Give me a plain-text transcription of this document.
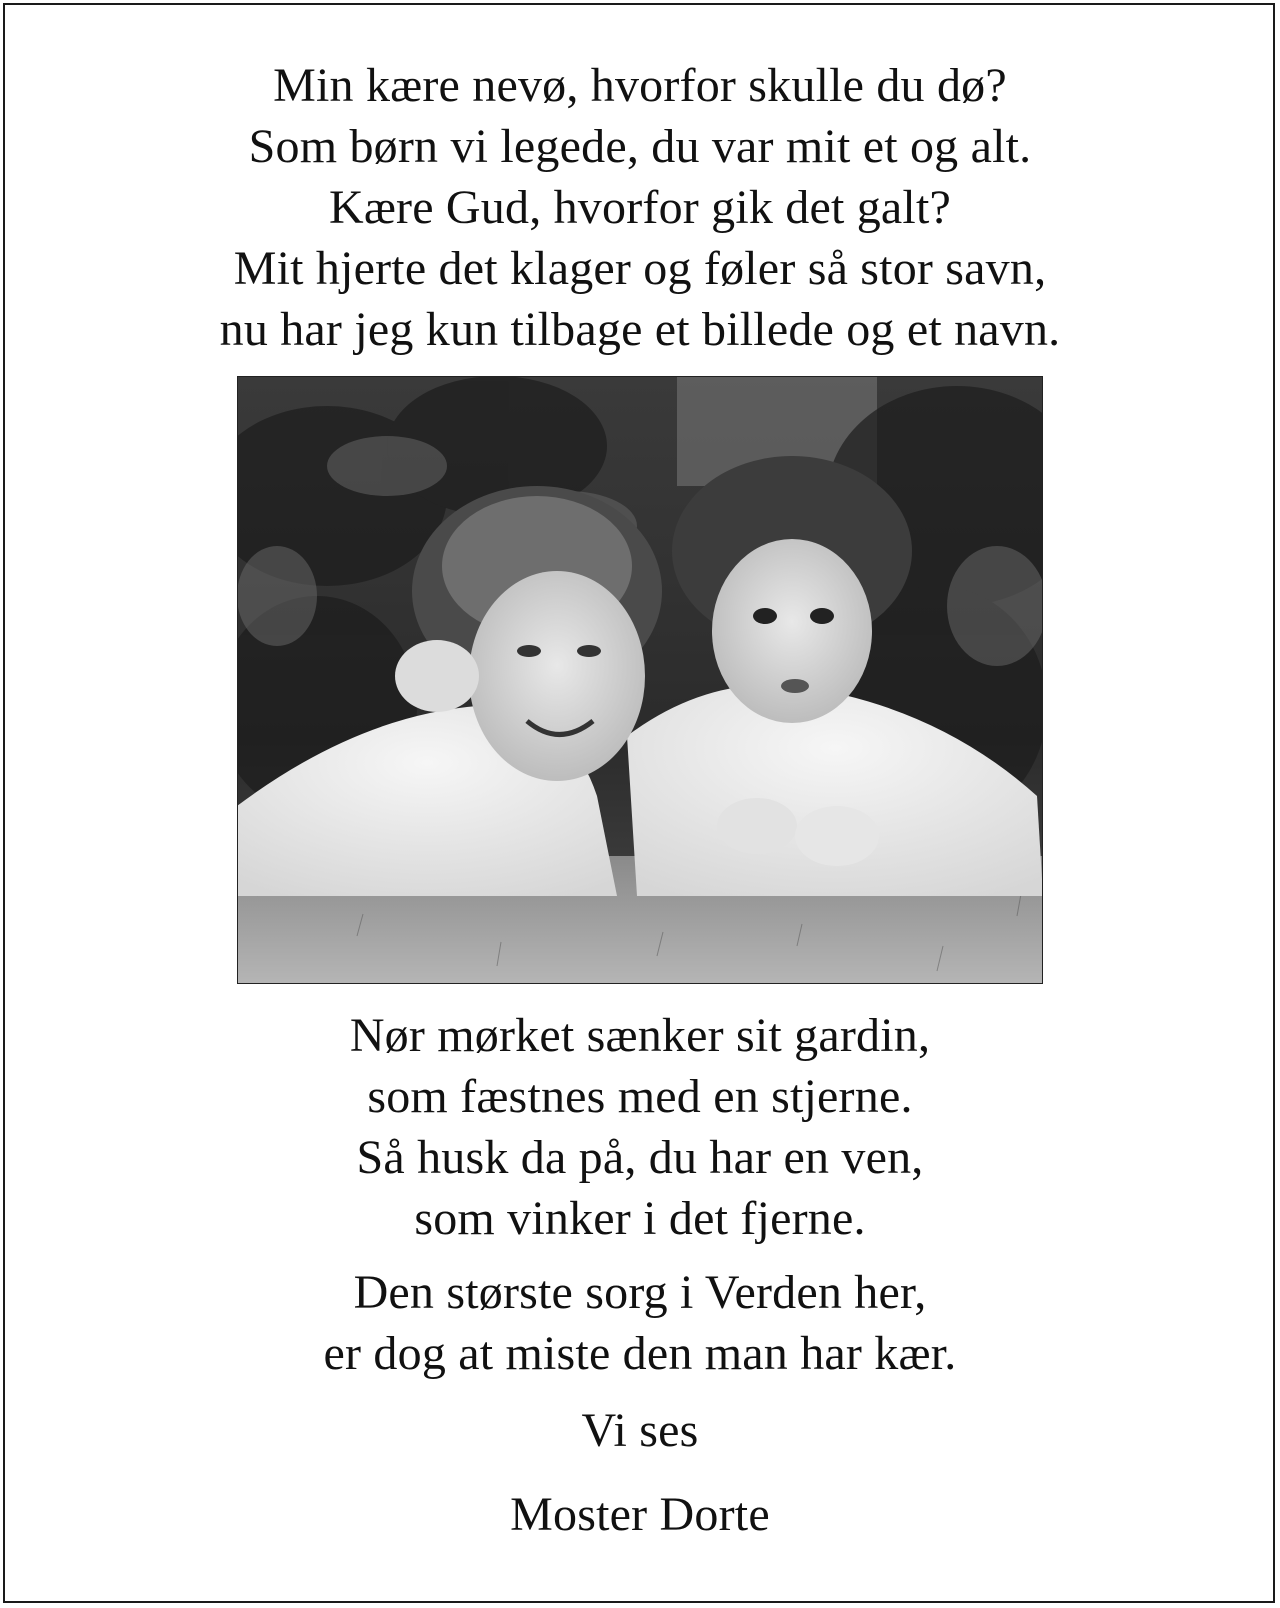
Min kære nevø, hvorfor skulle du dø?
Som børn vi legede, du var mit et og alt.
Kære Gud, hvorfor gik det galt?
Mit hjerte det klager og føler så stor savn,
nu har jeg kun tilbage et billede og et navn.
Nør mørket sænker sit gardin,
som fæstnes med en stjerne.
Så husk da på, du har en ven,
som vinker i det fjerne.
Den største sorg i Verden her,
er dog at miste den man har kær.
Vi ses
Moster Dorte
